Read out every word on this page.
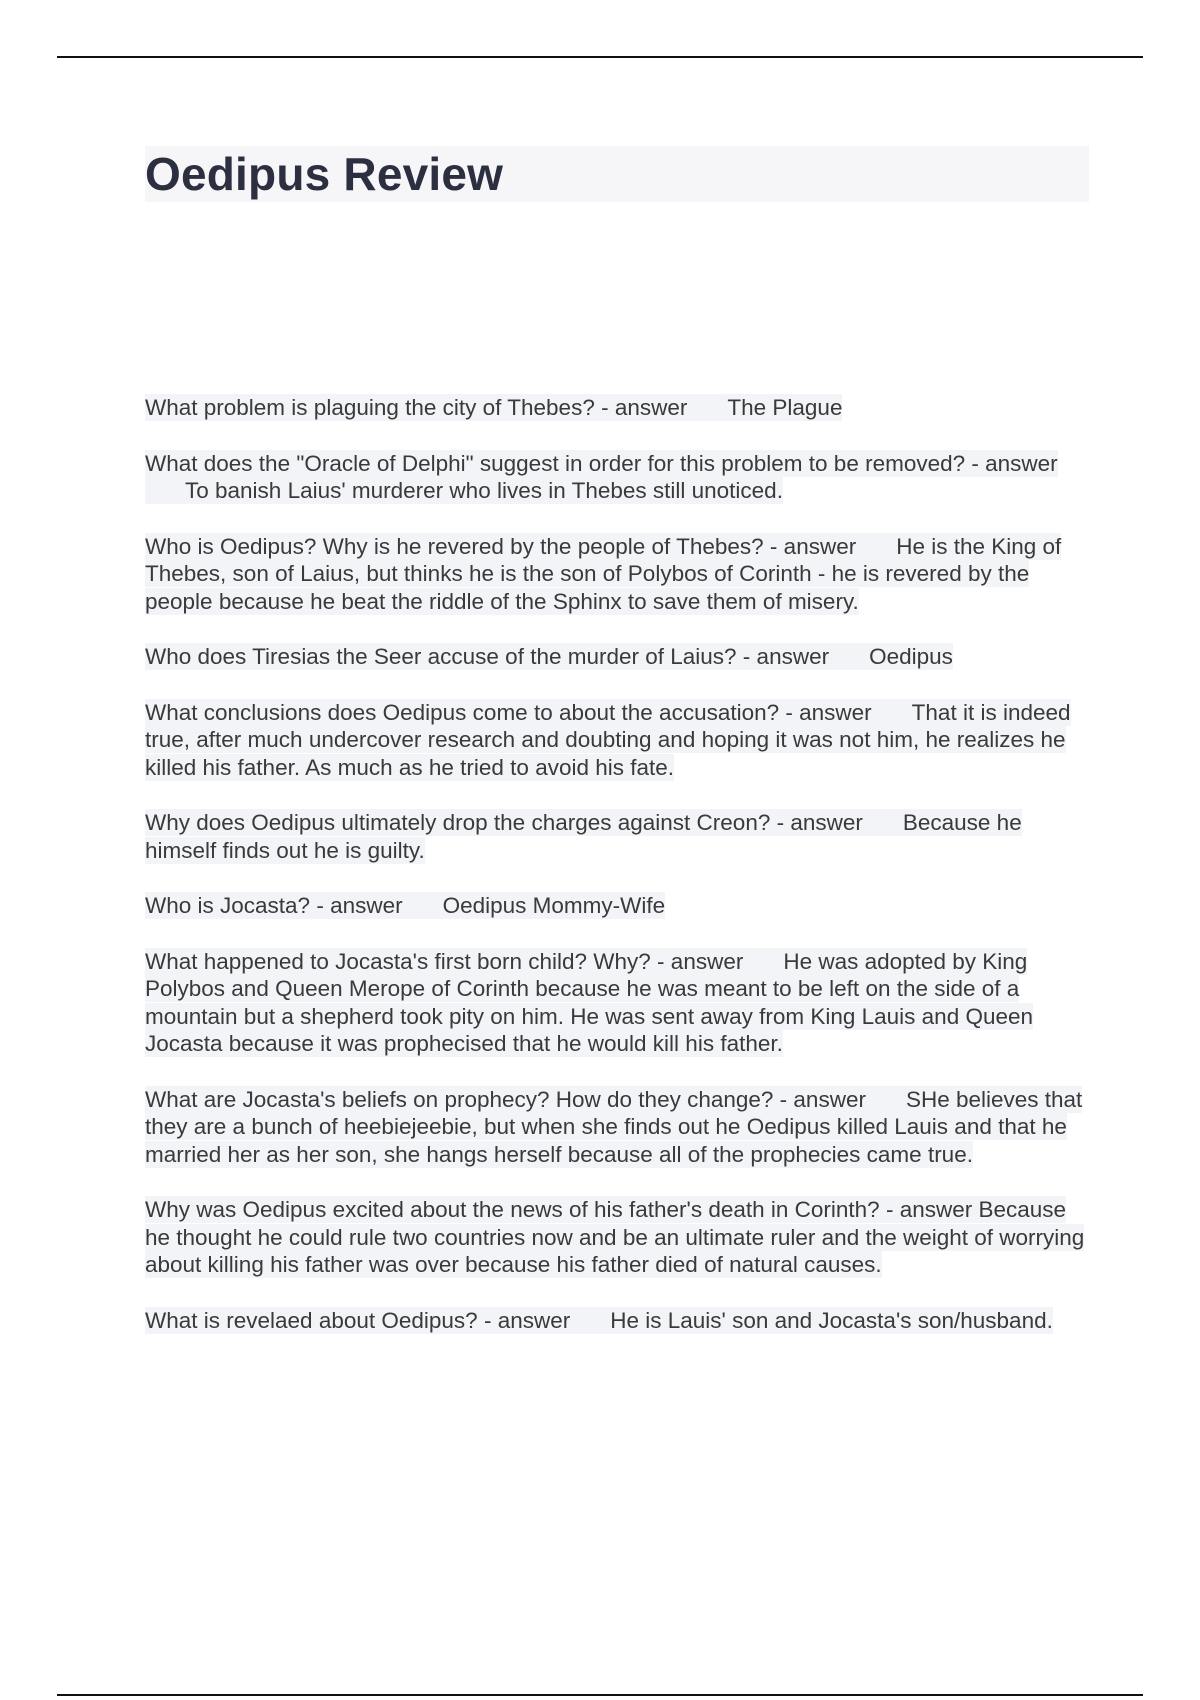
Oedipus Review

What problem is plaguing the city of Thebes? - answer The Plague

What does the "Oracle of Delphi" suggest in order for this problem to be removed? - answerTo banish Laius' murderer who lives in Thebes still unoticed.

Who is Oedipus? Why is he revered by the people of Thebes? - answer He is the King of Thebes, son of Laius, but thinks he is the son of Polybos of Corinth - he is revered by the people because he beat the riddle of the Sphinx to save them of misery.

Who does Tiresias the Seer accuse of the murder of Laius? - answer Oedipus

What conclusions does Oedipus come to about the accusation? - answer That it is indeed true, after much undercover research and doubting and hoping it was not him, he realizes he killed his father. As much as he tried to avoid his fate.

Why does Oedipus ultimately drop the charges against Creon? - answer Because he himself finds out he is guilty.

Who is Jocasta? - answer Oedipus Mommy-Wife

What happened to Jocasta's first born child? Why? - answer He was adopted by King Polybos and Queen Merope of Corinth because he was meant to be left on the side of a mountain but a shepherd took pity on him. He was sent away from King Lauis and Queen Jocasta because it was prophecised that he would kill his father.

What are Jocasta's beliefs on prophecy? How do they change? - answer SHe believes that they are a bunch of heebiejeebie, but when she finds out he Oedipus killed Lauis and that he married her as her son, she hangs herself because all of the prophecies came true.

Why was Oedipus excited about the news of his father's death in Corinth? - answer Because he thought he could rule two countries now and be an ultimate ruler and the weight of worrying about killing his father was over because his father died of natural causes.

What is revelaed about Oedipus? - answer He is Lauis' son and Jocasta's son/husband.
